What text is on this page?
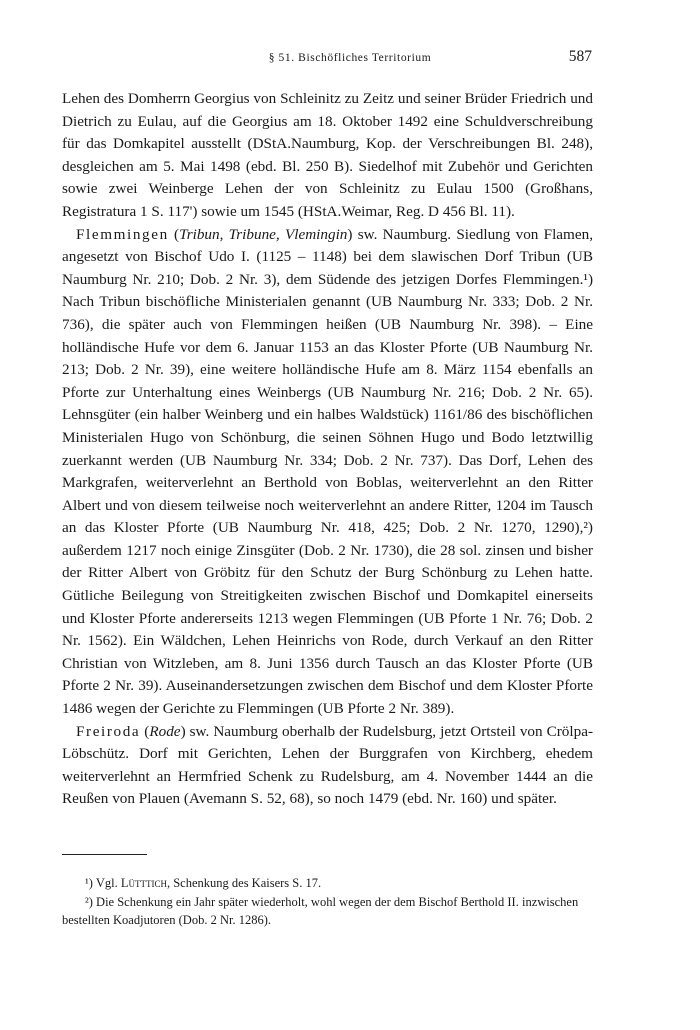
§ 51. Bischöfliches Territorium	587

Lehen des Domherrn Georgius von Schleinitz zu Zeitz und seiner Brüder Friedrich und Dietrich zu Eulau, auf die Georgius am 18. Oktober 1492 eine Schuldverschreibung für das Domkapitel ausstellt (DStA.Naumburg, Kop. der Verschreibungen Bl. 248), desgleichen am 5. Mai 1498 (ebd. Bl. 250 B). Siedelhof mit Zubehör und Gerichten sowie zwei Weinberge Lehen der von Schleinitz zu Eulau 1500 (Großhans, Registratura 1 S. 117') sowie um 1545 (HStA.Weimar, Reg. D 456 Bl. 11).

Flemmingen (Tribun, Tribune, Vlemingin) sw. Naumburg. Siedlung von Flamen, angesetzt von Bischof Udo I. (1125 – 1148) bei dem slawischen Dorf Tribun (UB Naumburg Nr. 210; Dob. 2 Nr. 3), dem Südende des jetzigen Dorfes Flemmingen.¹) Nach Tribun bischöfliche Ministerialen genannt (UB Naumburg Nr. 333; Dob. 2 Nr. 736), die später auch von Flemmingen heißen (UB Naumburg Nr. 398). – Eine holländische Hufe vor dem 6. Januar 1153 an das Kloster Pforte (UB Naumburg Nr. 213; Dob. 2 Nr. 39), eine weitere holländische Hufe am 8. März 1154 ebenfalls an Pforte zur Unterhaltung eines Weinbergs (UB Naumburg Nr. 216; Dob. 2 Nr. 65). Lehnsgüter (ein halber Weinberg und ein halbes Waldstück) 1161/86 des bischöflichen Ministerialen Hugo von Schönburg, die seinen Söhnen Hugo und Bodo letztwillig zuerkannt werden (UB Naumburg Nr. 334; Dob. 2 Nr. 737). Das Dorf, Lehen des Markgrafen, weiterverlehnt an Berthold von Boblas, weiterverlehnt an den Ritter Albert und von diesem teilweise noch weiterverlehnt an andere Ritter, 1204 im Tausch an das Kloster Pforte (UB Naumburg Nr. 418, 425; Dob. 2 Nr. 1270, 1290),²) außerdem 1217 noch einige Zinsgüter (Dob. 2 Nr. 1730), die 28 sol. zinsen und bisher der Ritter Albert von Gröbitz für den Schutz der Burg Schönburg zu Lehen hatte. Gütliche Beilegung von Streitigkeiten zwischen Bischof und Domkapitel einerseits und Kloster Pforte andererseits 1213 wegen Flemmingen (UB Pforte 1 Nr. 76; Dob. 2 Nr. 1562). Ein Wäldchen, Lehen Heinrichs von Rode, durch Verkauf an den Ritter Christian von Witzleben, am 8. Juni 1356 durch Tausch an das Kloster Pforte (UB Pforte 2 Nr. 39). Auseinandersetzungen zwischen dem Bischof und dem Kloster Pforte 1486 wegen der Gerichte zu Flemmingen (UB Pforte 2 Nr. 389).

Freiroda (Rode) sw. Naumburg oberhalb der Rudelsburg, jetzt Ortsteil von Crölpa-Löbschütz. Dorf mit Gerichten, Lehen der Burggrafen von Kirchberg, ehedem weiterverlehnt an Hermfried Schenk zu Rudelsburg, am 4. November 1444 an die Reußen von Plauen (Avemann S. 52, 68), so noch 1479 (ebd. Nr. 160) und später.

¹) Vgl. Lütttich, Schenkung des Kaisers S. 17.
²) Die Schenkung ein Jahr später wiederholt, wohl wegen der dem Bischof Berthold II. inzwischen bestellten Koadjutoren (Dob. 2 Nr. 1286).
